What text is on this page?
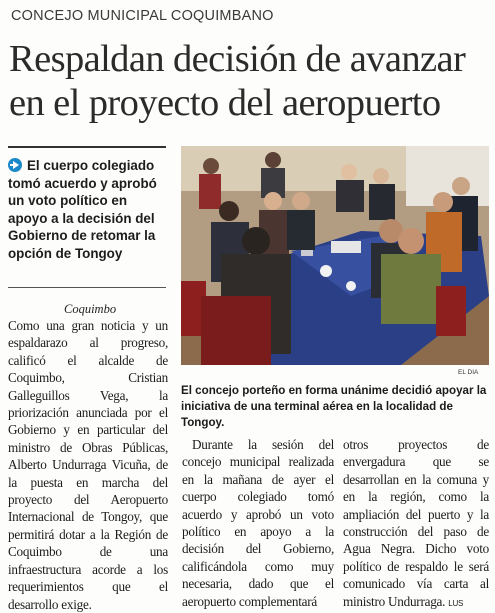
CONCEJO MUNICIPAL COQUIMBANO
Respaldan decisión de avanzar en el proyecto del aeropuerto
El cuerpo colegiado tomó acuerdo y aprobó un voto político en apoyo a la decisión del Gobierno de retomar la opción de Tongoy
Coquimbo
Como una gran noticia y un espaldarazo al progreso, calificó el alcalde de Coquimbo, Cristian Galleguillos Vega, la priorización anunciada por el Gobierno y en particular del ministro de Obras Públicas, Alberto Undurraga Vicuña, de la puesta en marcha del proyecto del Aeropuerto Internacional de Tongoy, que permitirá dotar a la Región de Coquimbo de una infraestructura acorde a los requerimientos que el desarrollo exige.
Durante la sesión del concejo municipal realizada en la mañana de ayer el cuerpo colegiado tomó acuerdo y aprobó un voto político en apoyo a la decisión del Gobierno, calificándola como muy necesaria, dado que el aeropuerto complementará
otros proyectos de envergadura que se desarrollan en la comuna y en la región, como la ampliación del puerto y la construcción del paso de Agua Negra. Dicho voto político de respaldo le será comunicado vía carta al ministro Undurraga. LUS
EL DIA
El concejo porteño en forma unánime decidió apoyar la iniciativa de una terminal aérea en la localidad de Tongoy.
